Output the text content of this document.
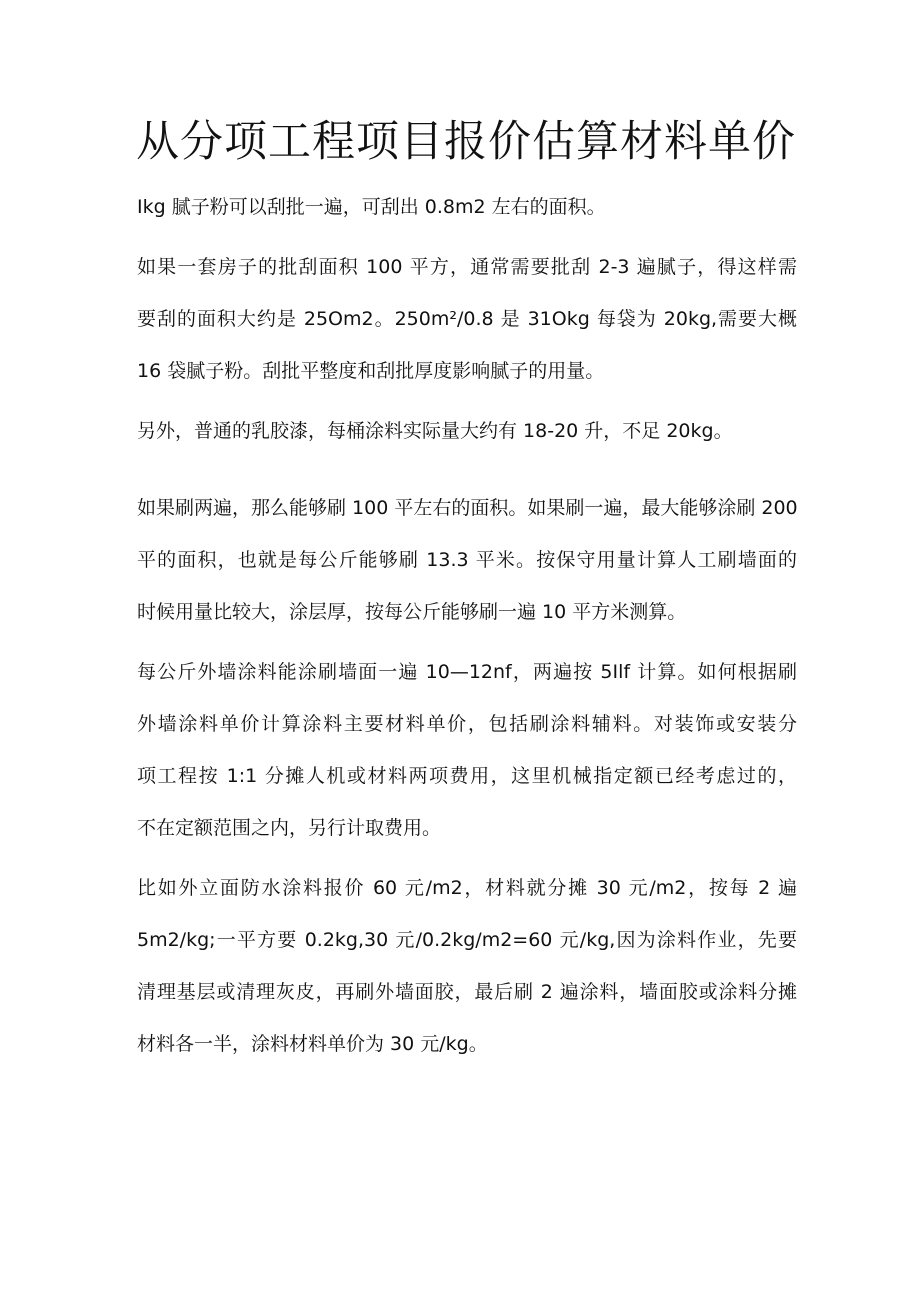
从分项工程项目报价估算材料单价

Ikg 腻子粉可以刮批一遍，可刮出 0.8m2 左右的面积。

如果一套房子的批刮面积 100 平方，通常需要批刮 2-3 遍腻子，得这样需
要刮的面积大约是 25Om2。250m²/0.8 是 31Okg 每袋为 20kg,需要大概
16 袋腻子粉。刮批平整度和刮批厚度影响腻子的用量。

另外，普通的乳胶漆，每桶涂料实际量大约有 18-20 升，不足 20kg。

如果刷两遍，那么能够刷 100 平左右的面积。如果刷一遍，最大能够涂刷 200
平的面积，也就是每公斤能够刷 13.3 平米。按保守用量计算人工刷墙面的
时候用量比较大，涂层厚，按每公斤能够刷一遍 10 平方米测算。

每公斤外墙涂料能涂刷墙面一遍 10—12nf，两遍按 5Ilf 计算。如何根据刷
外墙涂料单价计算涂料主要材料单价，包括刷涂料辅料。对装饰或安装分
项工程按 1:1 分摊人机或材料两项费用，这里机械指定额已经考虑过的，
不在定额范围之内，另行计取费用。

比如外立面防水涂料报价 60 元/m2，材料就分摊 30 元/m2，按每 2 遍
5m2/kg;一平方要 0.2kg,30 元/0.2kg/m2=60 元/kg,因为涂料作业，先要
清理基层或清理灰皮，再刷外墙面胶，最后刷 2 遍涂料，墙面胶或涂料分摊
材料各一半，涂料材料单价为 30 元/kg。
